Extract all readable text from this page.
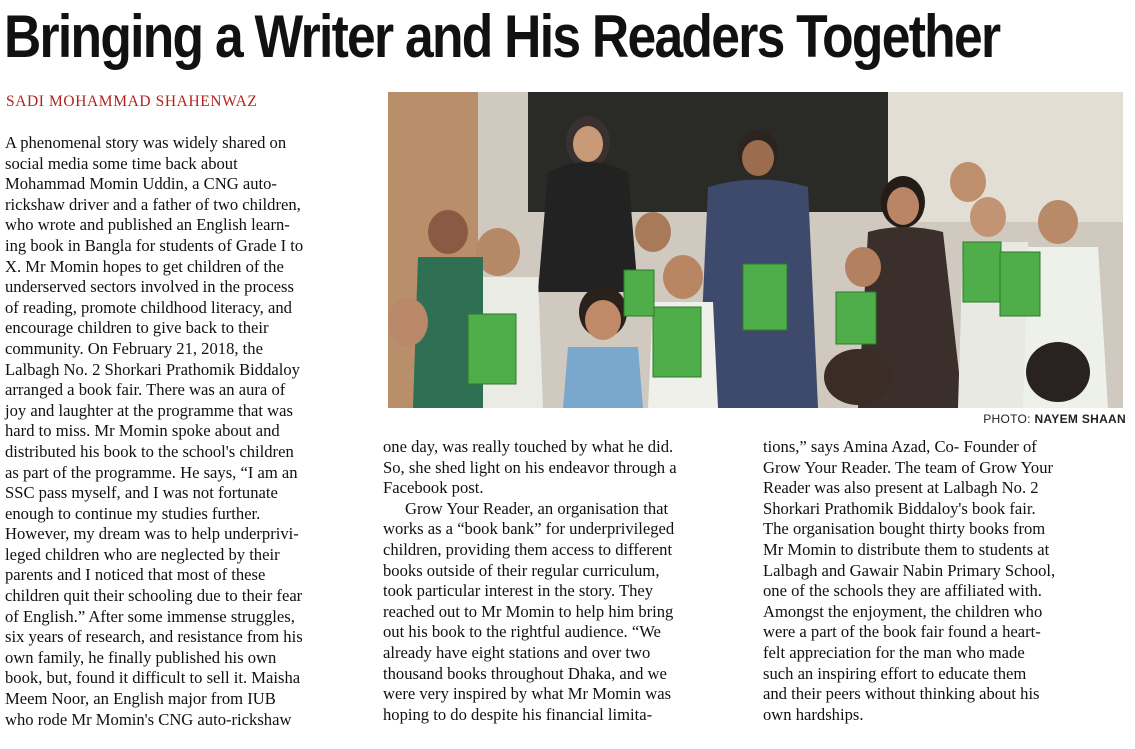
Bringing a Writer and His Readers Together
SADI MOHAMMAD SHAHENWAZ
PHOTO: NAYEM SHAAN

A phenomenal story was widely shared on
social media some time back about
Mohammad Momin Uddin, a CNG auto-
rickshaw driver and a father of two children,
who wrote and published an English learn-
ing book in Bangla for students of Grade I to
X. Mr Momin hopes to get children of the
underserved sectors involved in the process
of reading, promote childhood literacy, and
encourage children to give back to their
community. On February 21, 2018, the
Lalbagh No. 2 Shorkari Prathomik Biddaloy
arranged a book fair. There was an aura of
joy and laughter at the programme that was
hard to miss. Mr Momin spoke about and
distributed his book to the school's children
as part of the programme. He says, “I am an
SSC pass myself, and I was not fortunate
enough to continue my studies further.
However, my dream was to help underprivi-
leged children who are neglected by their
parents and I noticed that most of these
children quit their schooling due to their fear
of English.” After some immense struggles,
six years of research, and resistance from his
own family, he finally published his own
book, but, found it difficult to sell it. Maisha
Meem Noor, an English major from IUB
who rode Mr Momin's CNG auto-rickshaw

one day, was really touched by what he did.
So, she shed light on his endeavor through a
Facebook post.

Grow Your Reader, an organisation that
works as a “book bank” for underprivileged
children, providing them access to different
books outside of their regular curriculum,
took particular interest in the story. They
reached out to Mr Momin to help him bring
out his book to the rightful audience. “We
already have eight stations and over two
thousand books throughout Dhaka, and we
were very inspired by what Mr Momin was
hoping to do despite his financial limita-

tions,” says Amina Azad, Co- Founder of
Grow Your Reader. The team of Grow Your
Reader was also present at Lalbagh No. 2
Shorkari Prathomik Biddaloy's book fair.
The organisation bought thirty books from
Mr Momin to distribute them to students at
Lalbagh and Gawair Nabin Primary School,
one of the schools they are affiliated with.
Amongst the enjoyment, the children who
were a part of the book fair found a heart-
felt appreciation for the man who made
such an inspiring effort to educate them
and their peers without thinking about his
own hardships.
